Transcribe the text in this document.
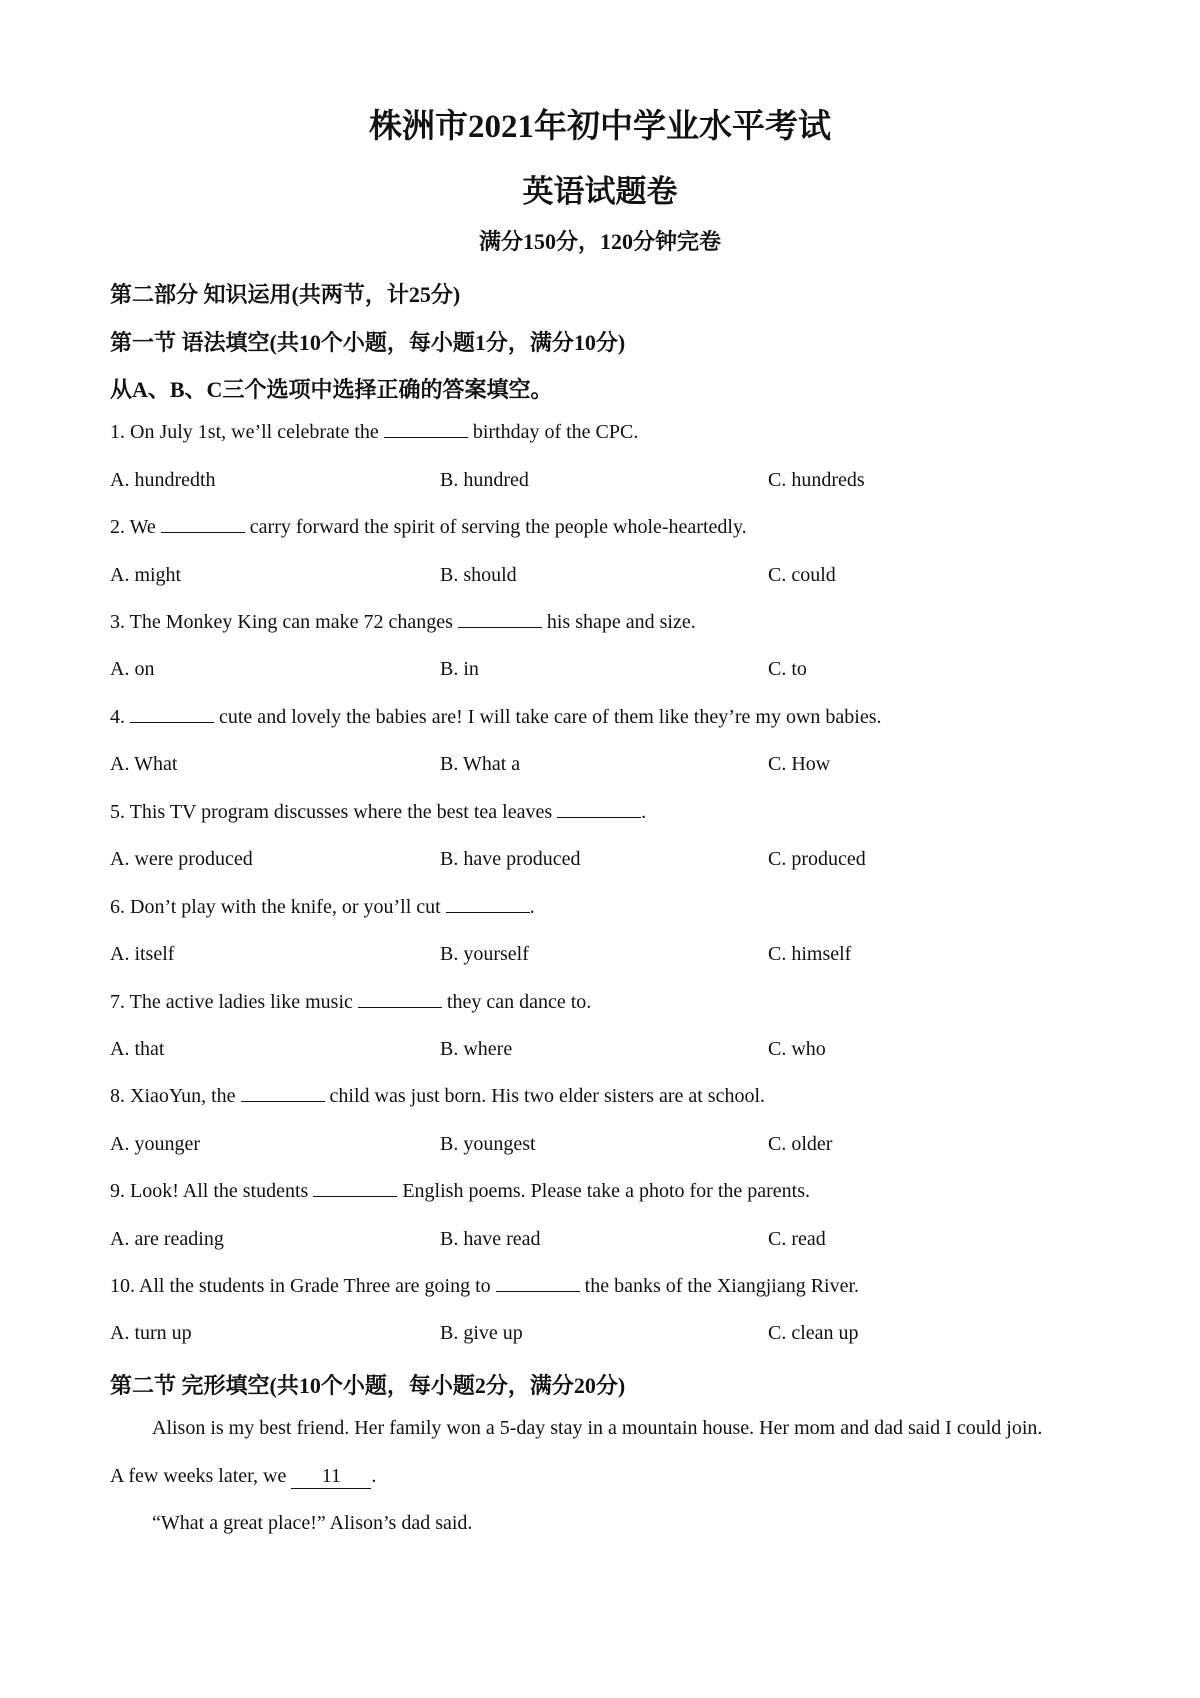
株洲市2021年初中学业水平考试
英语试题卷
满分150分，120分钟完卷
第二部分 知识运用(共两节，计25分)
第一节 语法填空(共10个小题，每小题1分，满分10分)
从A、B、C三个选项中选择正确的答案填空。
1. On July 1st, we’ll celebrate the	birthday of the CPC.
A. hundredth	B. hundred	C. hundreds
2. We	carry forward the spirit of serving the people whole-heartedly.
A. might	B. should	C. could
3. The Monkey King can make 72 changes	his shape and size.
A. on	B. in	C. to
4.	cute and lovely the babies are! I will take care of them like they’re my own babies.
A. What	B. What a	C. How
5. This TV program discusses where the best tea leaves	.
A. were produced	B. have produced	C. produced
6. Don’t play with the knife, or you’ll cut	.
A. itself	B. yourself	C. himself
7. The active ladies like music	they can dance to.
A. that	B. where	C. who
8. XiaoYun, the	child was just born. His two elder sisters are at school.
A. younger	B. youngest	C. older
9. Look! All the students	English poems. Please take a photo for the parents.
A. are reading	B. have read	C. read
10. All the students in Grade Three are going to	the banks of the Xiangjiang River.
A. turn up	B. give up	C. clean up
第二节 完形填空(共10个小题，每小题2分，满分20分)
Alison is my best friend. Her family won a 5-day stay in a mountain house. Her mom and dad said I could join.
A few weeks later, we 11 .
“What a great place!” Alison’s dad said.
